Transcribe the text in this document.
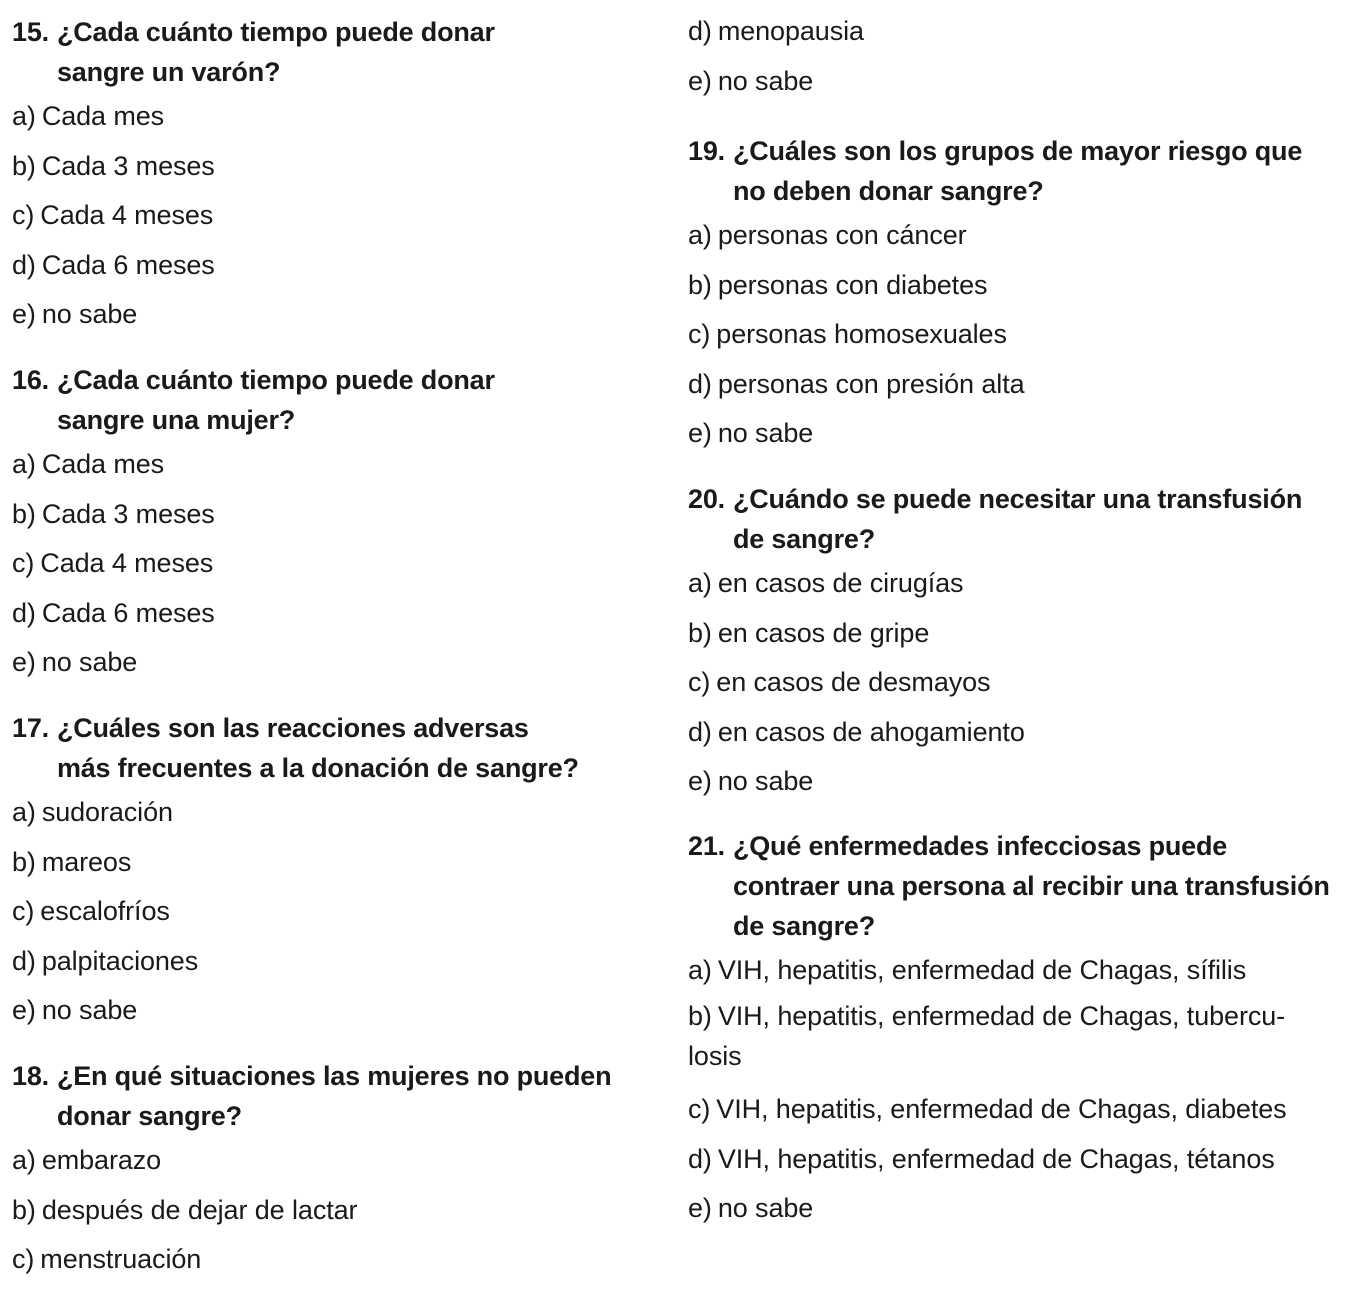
15. ¿Cada cuánto tiempo puede donar sangre un varón?
a) Cada mes
b) Cada 3 meses
c) Cada 4 meses
d) Cada 6 meses
e) no sabe
16. ¿Cada cuánto tiempo puede donar sangre una mujer?
a) Cada mes
b) Cada 3 meses
c) Cada 4 meses
d) Cada 6 meses
e) no sabe
17. ¿Cuáles son las reacciones adversas más frecuentes a la donación de sangre?
a) sudoración
b) mareos
c) escalofríos
d) palpitaciones
e) no sabe
18. ¿En qué situaciones las mujeres no pueden donar sangre?
a) embarazo
b) después de dejar de lactar
c) menstruación
d) menopausia
e) no sabe
19. ¿Cuáles son los grupos de mayor riesgo que no deben donar sangre?
a) personas con cáncer
b) personas con diabetes
c) personas homosexuales
d) personas con presión alta
e) no sabe
20. ¿Cuándo se puede necesitar una transfusión de sangre?
a) en casos de cirugías
b) en casos de gripe
c) en casos de desmayos
d) en casos de ahogamiento
e) no sabe
21. ¿Qué enfermedades infecciosas puede contraer una persona al recibir una transfusión de sangre?
a) VIH, hepatitis, enfermedad de Chagas, sífilis
b) VIH, hepatitis, enfermedad de Chagas, tubercu-losis
c) VIH, hepatitis, enfermedad de Chagas, diabetes
d) VIH, hepatitis, enfermedad de Chagas, tétanos
e) no sabe
